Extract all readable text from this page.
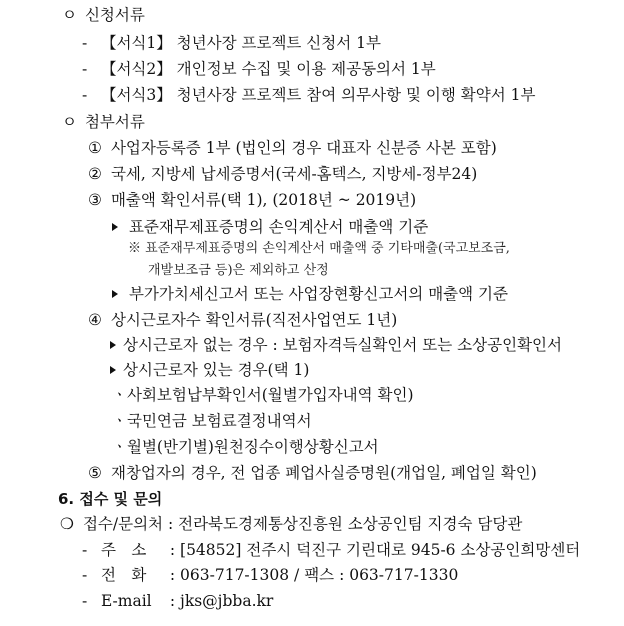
ㅇ 신청서류
- 【서식1】 청년사장 프로젝트 신청서 1부
- 【서식2】 개인정보 수집 및 이용 제공동의서 1부
- 【서식3】 청년사장 프로젝트 참여 의무사항 및 이행 확약서 1부
ㅇ 첨부서류
① 사업자등록증 1부 (법인의 경우 대표자 신분증 사본 포함)
② 국세, 지방세 납세증명서(국세-홈텍스, 지방세-정부24)
③ 매출액 확인서류(택 1), (2018년 ~ 2019년)
표준재무제표증명의 손익계산서 매출액 기준
※ 표준재무제표증명의 손익계산서 매출액 중 기타매출(국고보조금,
개발보조금 등)은 제외하고 산정
부가가치세신고서 또는 사업장현황신고서의 매출액 기준
④ 상시근로자수 확인서류(직전사업연도 1년)
상시근로자 없는 경우 : 보험자격득실확인서 또는 소상공인확인서
상시근로자 있는 경우(택 1)
ㆍ사회보험납부확인서(월별가입자내역 확인)
ㆍ국민연금 보험료결정내역서
ㆍ월별(반기별)원천징수이행상황신고서
⑤ 재창업자의 경우, 전 업종 폐업사실증명원(개업일, 폐업일 확인)
6. 접수 및 문의
❍ 접수/문의처 : 전라북도경제통상진흥원 소상공인팀 지경숙 담당관
- 주　소 : [54852] 전주시 덕진구 기린대로 945-6 소상공인희망센터
- 전　화 : 063-717-1308 / 팩스 : 063-717-1330
- E-mail : jks@jbba.kr
